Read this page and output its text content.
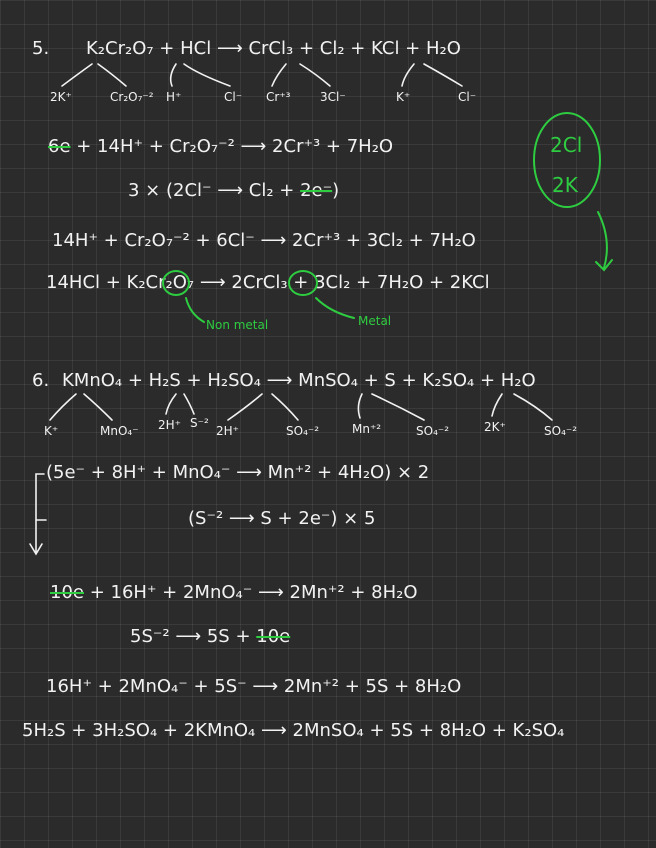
5. K₂Cr₂O₇ + HCl ⟶ CrCl₃ + Cl₂ + KCl + H₂O
2K⁺	Cr₂O₇⁻² H⁺	Cl⁻ Cr⁺³ 3Cl⁻	K⁺	Cl⁻
6e + 14H⁺ + Cr₂O₇⁻² ⟶ 2Cr⁺³ + 7H₂O
3 × (2Cl⁻ ⟶ Cl₂ + 2e⁻)
14H⁺ + Cr₂O₇⁻² + 6Cl⁻ ⟶ 2Cr⁺³ + 3Cl₂ + 7H₂O
14HCl + K₂Cr₂O₇ ⟶ 2CrCl₃ + 3Cl₂ + 7H₂O + 2KCl
Non metal	Metal
2Cl
2K
6. KMnO₄ + H₂S + H₂SO₄ ⟶ MnSO₄ + S + K₂SO₄ + H₂O
K⁺	MnO₄⁻ 2H⁺ S⁻²
2H⁺	SO₄⁻²	Mn⁺²	SO₄⁻²	2K⁺	SO₄⁻²
(5e⁻ + 8H⁺ + MnO₄⁻ ⟶ Mn⁺² + 4H₂O) × 2
(S⁻² ⟶ S + 2e⁻) × 5
10e + 16H⁺ + 2MnO₄⁻ ⟶ 2Mn⁺² + 8H₂O
5S⁻² ⟶ 5S + 10e
16H⁺ + 2MnO₄⁻ + 5S⁻ ⟶ 2Mn⁺² + 5S + 8H₂O
5H₂S + 3H₂SO₄ + 2KMnO₄ ⟶ 2MnSO₄ + 5S + 8H₂O + K₂SO₄
